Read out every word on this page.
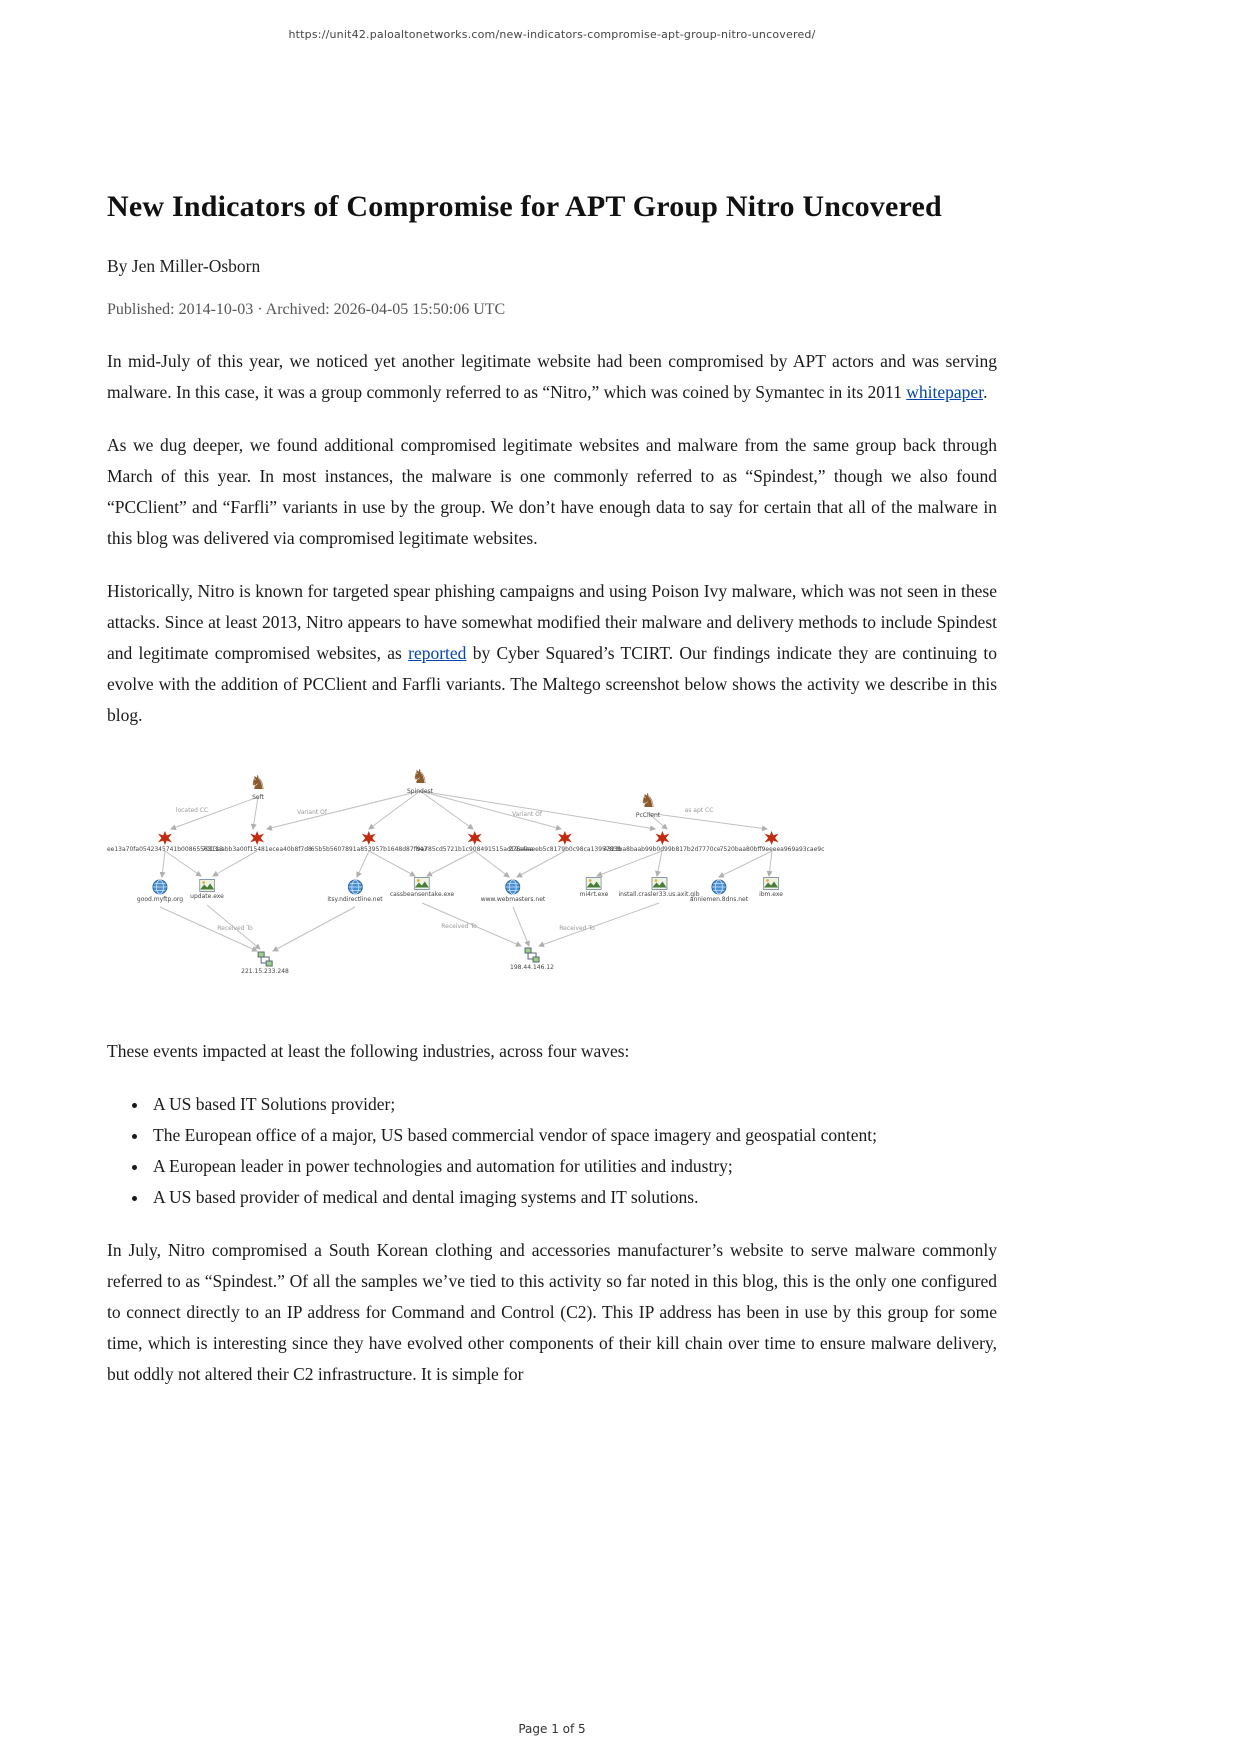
https://unit42.paloaltonetworks.com/new-indicators-compromise-apt-group-nitro-uncovered/
New Indicators of Compromise for APT Group Nitro Uncovered
By Jen Miller-Osborn
Published: 2014-10-03 · Archived: 2026-04-05 15:50:06 UTC

In mid-July of this year, we noticed yet another legitimate website had been compromised by APT actors and was serving malware. In this case, it was a group commonly referred to as “Nitro,” which was coined by Symantec in its 2011 whitepaper.

As we dug deeper, we found additional compromised legitimate websites and malware from the same group back through March of this year. In most instances, the malware is one commonly referred to as “Spindest,” though we also found “PCClient” and “Farfli” variants in use by the group. We don’t have enough data to say for certain that all of the malware in this blog was delivered via compromised legitimate websites.

Historically, Nitro is known for targeted spear phishing campaigns and using Poison Ivy malware, which was not seen in these attacks. Since at least 2013, Nitro appears to have somewhat modified their malware and delivery methods to include Spindest and legitimate compromised websites, as reported by Cyber Squared’s TCIRT. Our findings indicate they are continuing to evolve with the addition of PCClient and Farfli variants. The Maltego screenshot below shows the activity we describe in this blog.

located CC	Variant Of	Variant Of
as apt CC
Received To	Received To	Received To
♞
Soft
♞
Spindest	♞
PcClient
ee13a70fa0542345741b00865563113
7013aabb3a00f15481ecea40b8f7d8
65b5b5607891a853957b1648d87fb47
9a785cd5721b1c908491515ad19a4ea
275a9aeeb5c8179b0c98ca1395783b
4323ba8baab99b0d99b817b2d7770ce
7520baa80bff9eeeea969a93cae9c
good.myftp.org update.exe	itsy.ndirectline.net
cassbeansentake.exe
www.webmasters.net
mi4rt.exe install.crasler33.us.axit.gib
anniemen.8dns.net
ibm.exe
221.15.233.248
198.44.146.12

These events impacted at least the following industries, across four waves:

• A US based IT Solutions provider;
• The European office of a major, US based commercial vendor of space imagery and geospatial content;
• A European leader in power technologies and automation for utilities and industry;
• A US based provider of medical and dental imaging systems and IT solutions.

In July, Nitro compromised a South Korean clothing and accessories manufacturer’s website to serve malware commonly referred to as “Spindest.” Of all the samples we’ve tied to this activity so far noted in this blog, this is the only one configured to connect directly to an IP address for Command and Control (C2). This IP address has been in use by this group for some time, which is interesting since they have evolved other components of their kill chain over time to ensure malware delivery, but oddly not altered their C2 infrastructure. It is simple for

Page 1 of 5
